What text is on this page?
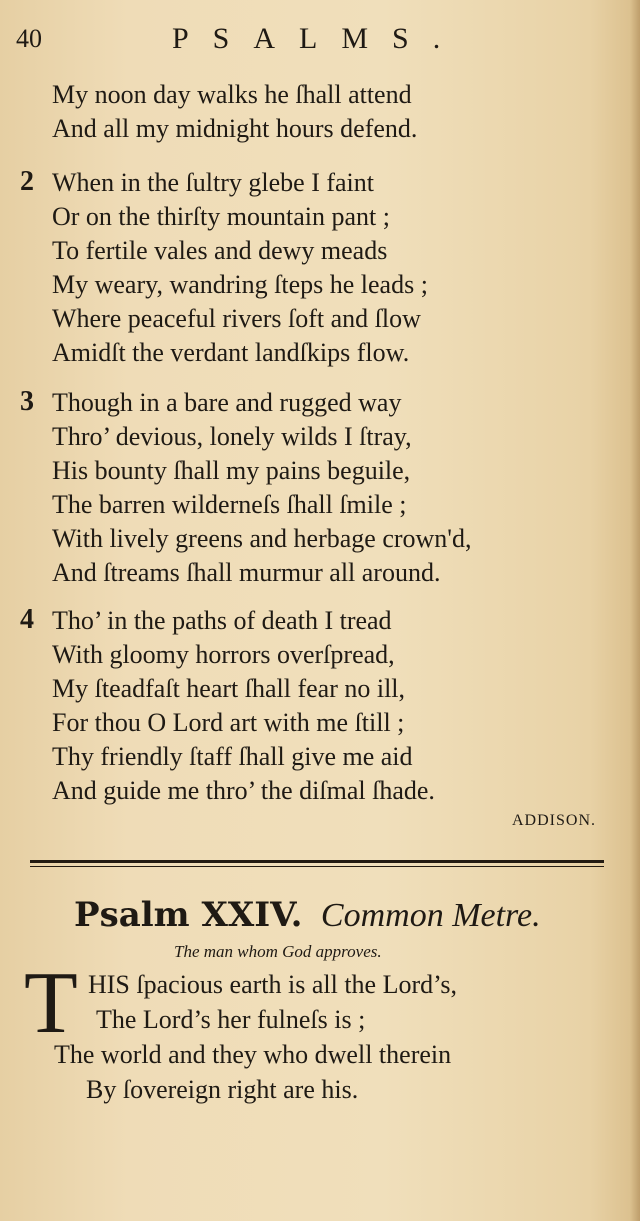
40	PSALMS.
My noon day walks he ſhall attend
And all my midnight hours defend.
2 When in the ſultry glebe I faint
Or on the thirſty mountain pant ;
To fertile vales and dewy meads
My weary, wandring ſteps he leads ;
Where peaceful rivers ſoft and ſlow
Amidſt the verdant landſkips flow.
3 Though in a bare and rugged way
Thro’ devious, lonely wilds I ſtray,
His bounty ſhall my pains beguile,
The barren wilderneſs ſhall ſmile ;
With lively greens and herbage crown'd,
And ſtreams ſhall murmur all around.
4 Tho’ in the paths of death I tread
With gloomy horrors overſpread,
My ſteadfaſt heart ſhall fear no ill,
For thou O Lord art with me ſtill ;
Thy friendly ſtaff ſhall give me aid
And guide me thro’ the diſmal ſhade.
ADDISON.
Psalm XXIV. Common Metre.
The man whom God approves.
T HIS ſpacious earth is all the Lord’s,
The Lord’s her fulneſs is ;
The world and they who dwell therein
By ſovereign right are his.
